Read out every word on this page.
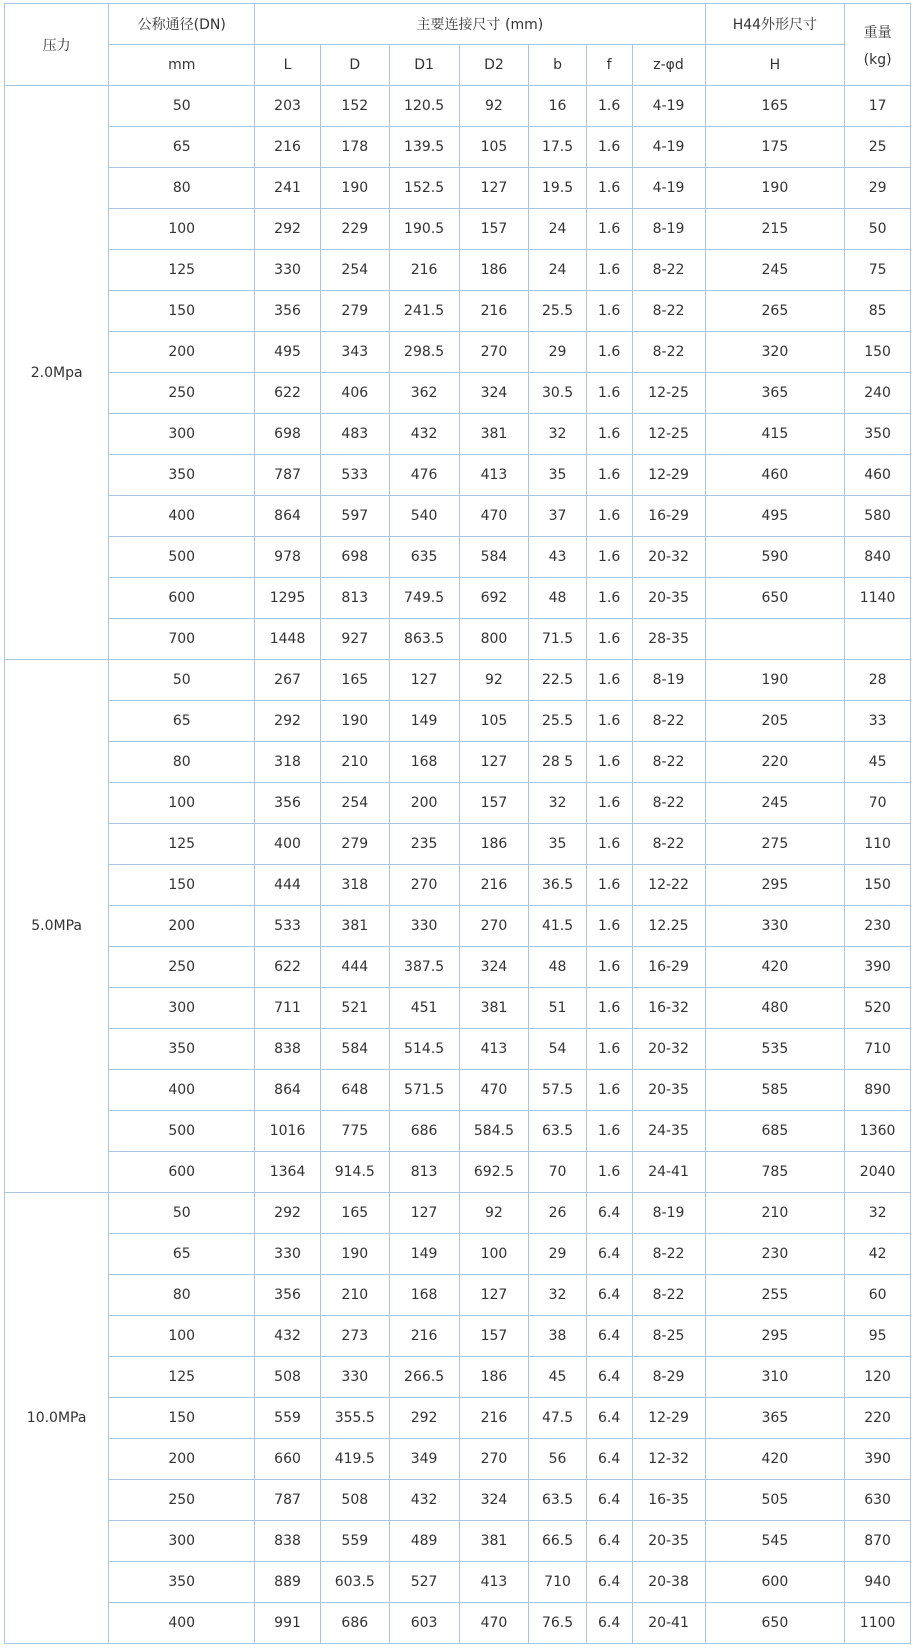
压力	公称通径(DN)	主要连接尺寸 (mm)							H44外形尺寸	重量
(kg)

	mm	L	D	D1	D2	b	f	z-φd	H	
2.0Mpa	50	203	152	120.5	92	16	1.6	4-19	165	17
	65	216	178	139.5	105	17.5	1.6	4-19	175	25
	80	241	190	152.5	127	19.5	1.6	4-19	190	29
	100	292	229	190.5	157	24	1.6	8-19	215	50
	125	330	254	216	186	24	1.6	8-22	245	75
	150	356	279	241.5	216	25.5	1.6	8-22	265	85
	200	495	343	298.5	270	29	1.6	8-22	320	150
	250	622	406	362	324	30.5	1.6	12-25	365	240
	300	698	483	432	381	32	1.6	12-25	415	350
	350	787	533	476	413	35	1.6	12-29	460	460
	400	864	597	540	470	37	1.6	16-29	495	580
	500	978	698	635	584	43	1.6	20-32	590	840
	600	1295	813	749.5	692	48	1.6	20-35	650	1140
	700	1448	927	863.5	800	71.5	1.6	28-35		
5.0MPa	50	267	165	127	92	22.5	1.6	8-19	190	28
	65	292	190	149	105	25.5	1.6	8-22	205	33
	80	318	210	168	127	28 5	1.6	8-22	220	45
	100	356	254	200	157	32	1.6	8-22	245	70
	125	400	279	235	186	35	1.6	8-22	275	110
	150	444	318	270	216	36.5	1.6	12-22	295	150
	200	533	381	330	270	41.5	1.6	12.25	330	230
	250	622	444	387.5	324	48	1.6	16-29	420	390
	300	711	521	451	381	51	1.6	16-32	480	520
	350	838	584	514.5	413	54	1.6	20-32	535	710
	400	864	648	571.5	470	57.5	1.6	20-35	585	890
	500	1016	775	686	584.5	63.5	1.6	24-35	685	1360
	600	1364	914.5	813	692.5	70	1.6	24-41	785	2040
10.0MPa	50	292	165	127	92	26	6.4	8-19	210	32
	65	330	190	149	100	29	6.4	8-22	230	42
	80	356	210	168	127	32	6.4	8-22	255	60
	100	432	273	216	157	38	6.4	8-25	295	95
	125	508	330	266.5	186	45	6.4	8-29	310	120
	150	559	355.5	292	216	47.5	6.4	12-29	365	220
	200	660	419.5	349	270	56	6.4	12-32	420	390
	250	787	508	432	324	63.5	6.4	16-35	505	630
	300	838	559	489	381	66.5	6.4	20-35	545	870
	350	889	603.5	527	413	710	6.4	20-38	600	940
	400	991	686	603	470	76.5	6.4	20-41	650	1100
